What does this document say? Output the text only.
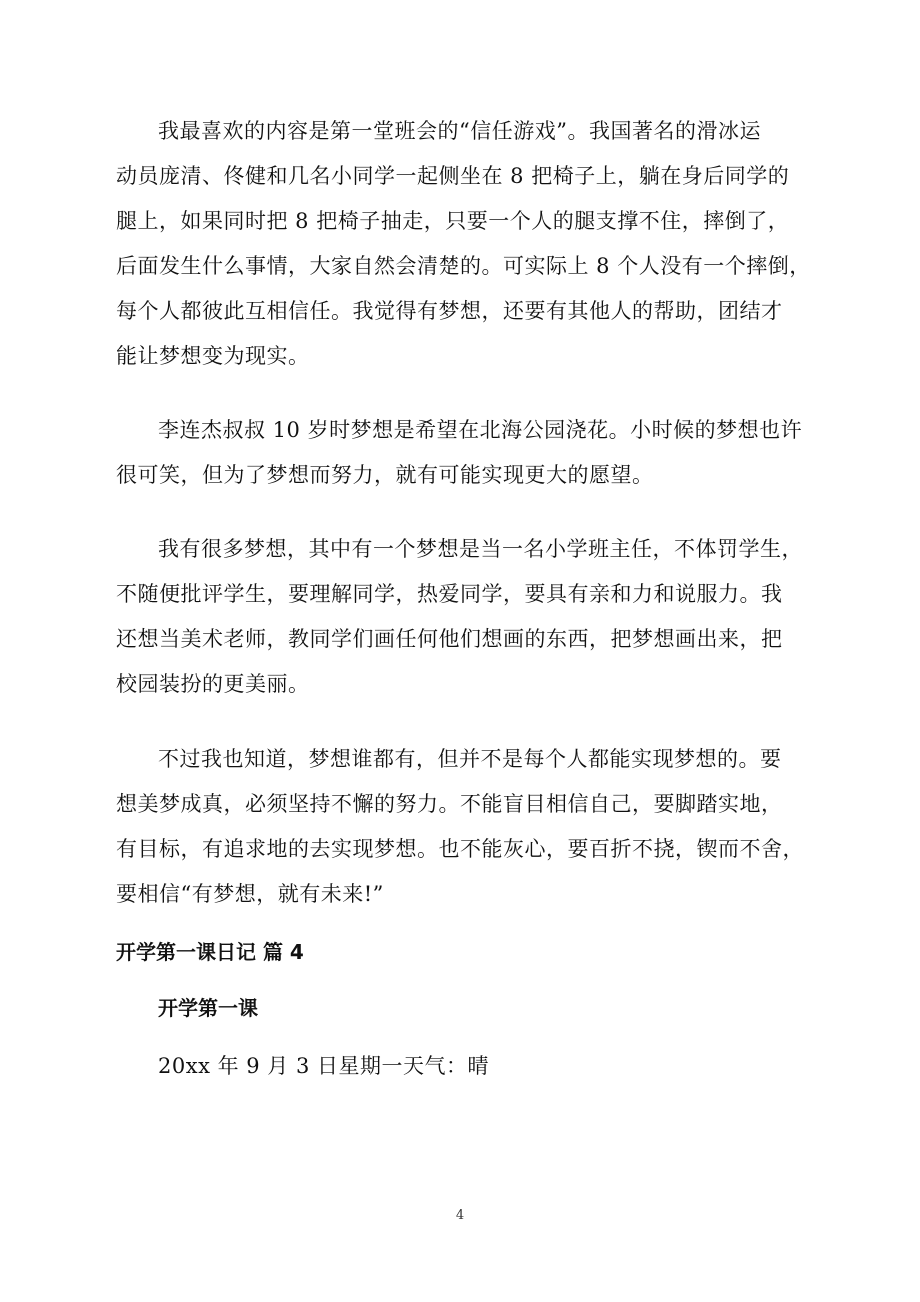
我最喜欢的内容是第一堂班会的“信任游戏”。我国著名的滑冰运
动员庞清、佟健和几名小同学一起侧坐在 8 把椅子上，躺在身后同学的
腿上，如果同时把 8 把椅子抽走，只要一个人的腿支撑不住，摔倒了，
后面发生什么事情，大家自然会清楚的。可实际上 8 个人没有一个摔倒，
每个人都彼此互相信任。我觉得有梦想，还要有其他人的帮助，团结才
能让梦想变为现实。
李连杰叔叔 10 岁时梦想是希望在北海公园浇花。小时候的梦想也许
很可笑，但为了梦想而努力，就有可能实现更大的愿望。
我有很多梦想，其中有一个梦想是当一名小学班主任，不体罚学生，
不随便批评学生，要理解同学，热爱同学，要具有亲和力和说服力。我
还想当美术老师，教同学们画任何他们想画的东西，把梦想画出来，把
校园装扮的更美丽。
不过我也知道，梦想谁都有，但并不是每个人都能实现梦想的。要
想美梦成真，必须坚持不懈的努力。不能盲目相信自己，要脚踏实地，
有目标，有追求地的去实现梦想。也不能灰心，要百折不挠，锲而不舍，
要相信“有梦想，就有未来!”
开学第一课日记 篇 4
开学第一课
20xx 年 9 月 3 日星期一天气：晴
4
